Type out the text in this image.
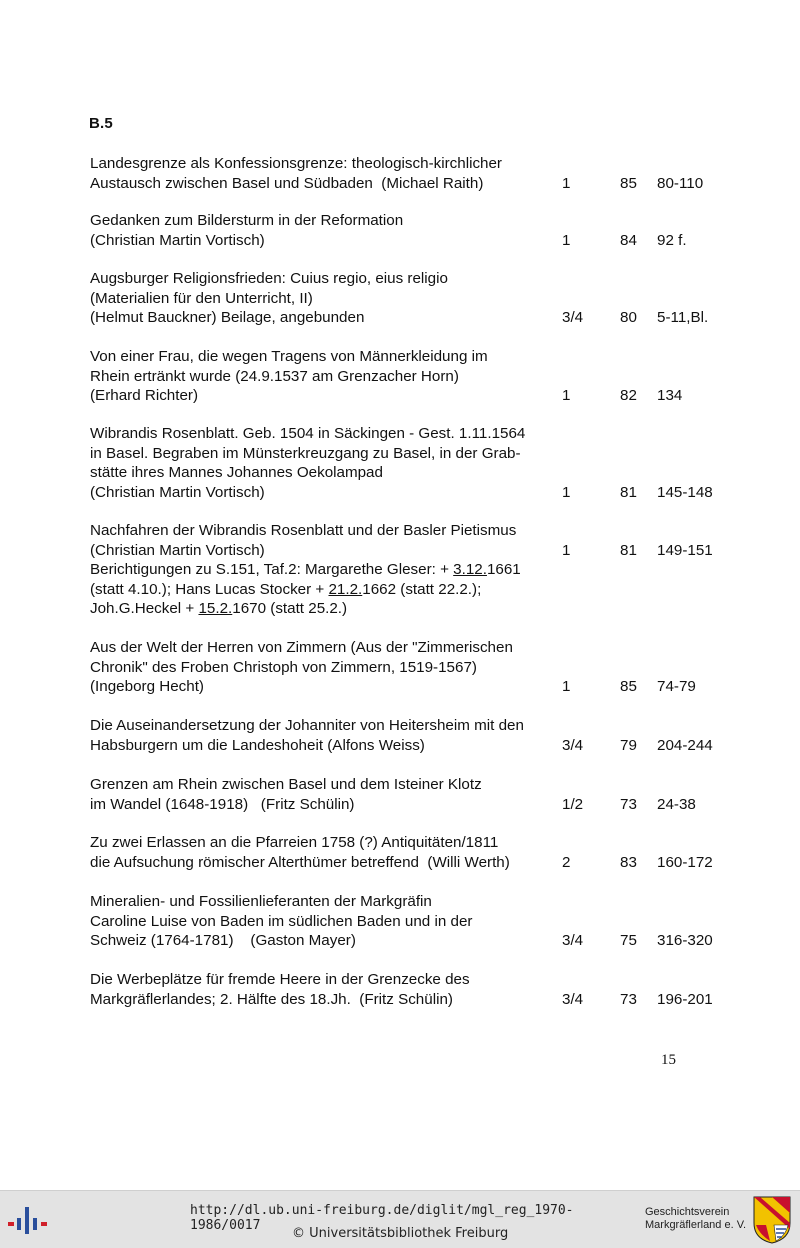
B.5
Landesgrenze als Konfessionsgrenze: theologisch-kirchlicher
Austausch zwischen Basel und Südbaden  (Michael Raith)	1	85 80-110
Gedanken zum Bildersturm in der Reformation
(Christian Martin Vortisch)	1	84 92 f.
Augsburger Religionsfrieden: Cuius regio, eius religio
(Materialien für den Unterricht, II)
(Helmut Bauckner) Beilage, angebunden	3/4 80 5-11,Bl.
Von einer Frau, die wegen Tragens von Männerkleidung im
Rhein ertränkt wurde (24.9.1537 am Grenzacher Horn)
(Erhard Richter)	1	82 134
Wibrandis Rosenblatt. Geb. 1504 in Säckingen - Gest. 1.11.1564
in Basel. Begraben im Münsterkreuzgang zu Basel, in der Grab-
stätte ihres Mannes Johannes Oekolampad
(Christian Martin Vortisch)	1	81 145-148
Nachfahren der Wibrandis Rosenblatt und der Basler Pietismus
(Christian Martin Vortisch)	1	81 149-151
Berichtigungen zu S.151, Taf.2: Margarethe Gleser: + 3.12.1661
(statt 4.10.); Hans Lucas Stocker + 21.2.1662 (statt 22.2.);
Joh.G.Heckel + 15.2.1670 (statt 25.2.)
Aus der Welt der Herren von Zimmern (Aus der "Zimmerischen
Chronik" des Froben Christoph von Zimmern, 1519-1567)
(Ingeborg Hecht)	1	85 74-79
Die Auseinandersetzung der Johanniter von Heitersheim mit den
Habsburgern um die Landeshoheit (Alfons Weiss)	3/4 79 204-244
Grenzen am Rhein zwischen Basel und dem Isteiner Klotz
im Wandel (1648-1918)   (Fritz Schülin)	1/2 73 24-38
Zu zwei Erlassen an die Pfarreien 1758 (?) Antiquitäten/1811
die Aufsuchung römischer Alterthümer betreffend  (Willi Werth)	2	83 160-172
Mineralien- und Fossilienlieferanten der Markgräfin
Caroline Luise von Baden im südlichen Baden und in der
Schweiz (1764-1781)    (Gaston Mayer)	3/4 75 316-320
Die Werbeplätze für fremde Heere in der Grenzecke des
Markgräflerlandes; 2. Hälfte des 18.Jh.  (Fritz Schülin)	3/4 73 196-201
15
http://dl.ub.uni-freiburg.de/diglit/mgl_reg_1970-1986/0017
© Universitätsbibliothek Freiburg
Geschichtsverein
Markgräflerland e. V.
